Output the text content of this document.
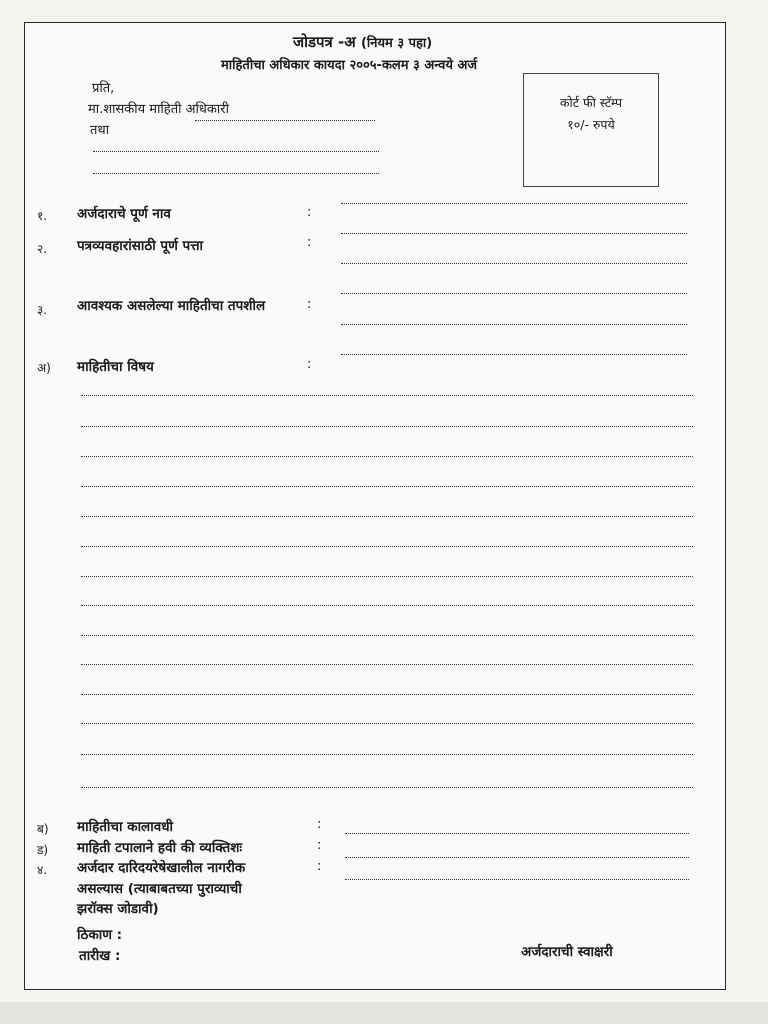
जोडपत्र -अ (नियम ३ पहा)
माहितीचा अधिकार कायदा २००५-कलम ३ अन्वये अर्ज
प्रति,
मा.शासकीय माहिती अधिकारी
तथा
कोर्ट फी स्टॅम्प
१०/- रुपये
१. अर्जदाराचे पूर्ण नाव	:
२. पत्रव्यवहारांसाठी पूर्ण पत्ता	:
३. आवश्यक असलेल्या माहितीचा तपशील	:
अ) माहितीचा विषय	:
ब) माहितीचा कालावधी	:
ड) माहिती टपालाने हवी की व्यक्तिशः	:
४. अर्जदार दारिदयरेषेखालील नागरीक	:
असल्यास (त्याबाबतच्या पुराव्याची
झरॉक्स जोडावी)
ठिकाण :
तारीख :	अर्जदाराची स्वाक्षरी
